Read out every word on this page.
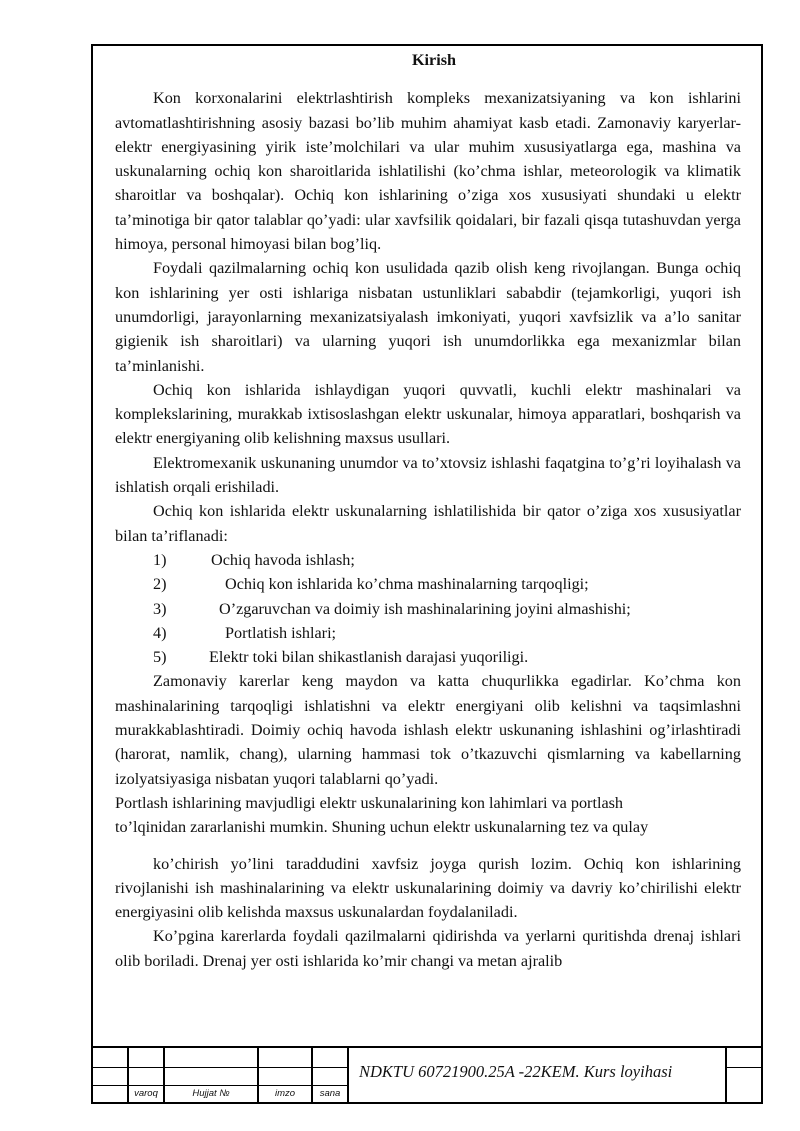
Kirish

Kon korxonalarini elektrlashtirish kompleks mexanizatsiyaning va kon ishlarini avtomatlashtirishning asosiy bazasi bo’lib muhim ahamiyat kasb etadi. Zamonaviy karyerlar-elektr energiyasining yirik iste’molchilari va ular muhim xususiyatlarga ega, mashina va uskunalarning ochiq kon sharoitlarida ishlatilishi (ko’chma ishlar, meteorologik va klimatik sharoitlar va boshqalar). Ochiq kon ishlarining o’ziga xos xususiyati shundaki u elektr ta’minotiga bir qator talablar qo’yadi: ular xavfsilik qoidalari, bir fazali qisqa tutashuvdan yerga himoya, personal himoyasi bilan bog’liq.

Foydali qazilmalarning ochiq kon usulidada qazib olish keng rivojlangan. Bunga ochiq kon ishlarining yer osti ishlariga nisbatan ustunliklari sababdir (tejamkorligi, yuqori ish unumdorligi, jarayonlarning mexanizatsiyalash imkoniyati, yuqori xavfsizlik va a’lo sanitar gigienik ish sharoitlari) va ularning yuqori ish unumdorlikka ega mexanizmlar bilan ta’minlanishi.

Ochiq kon ishlarida ishlaydigan yuqori quvvatli, kuchli elektr mashinalari va komplekslarining, murakkab ixtisoslashgan elektr uskunalar, himoya apparatlari, boshqarish va elektr energiyaning olib kelishning maxsus usullari.

Elektromexanik uskunaning unumdor va to’xtovsiz ishlashi faqatgina to’g’ri loyihalash va ishlatish orqali erishiladi.

Ochiq kon ishlarida elektr uskunalarning ishlatilishida bir qator o’ziga xos xususiyatlar bilan ta’riflanadi:

1)	Ochiq havoda ishlash;

2)	Ochiq kon ishlarida ko’chma mashinalarning tarqoqligi;

3)	O’zgaruvchan va doimiy ish mashinalarining joyini almashishi;

4)	Portlatish ishlari;

5)	Elektr toki bilan shikastlanish darajasi yuqoriligi.

Zamonaviy karerlar keng maydon va katta chuqurlikka egadirlar. Ko’chma kon mashinalarining tarqoqligi ishlatishni va elektr energiyani olib kelishni va taqsimlashni murakkablashtiradi. Doimiy ochiq havoda ishlash elektr uskunaning ishlashini og’irlashtiradi (harorat, namlik, chang), ularning hammasi tok o’tkazuvchi qismlarning va kabellarning izolyatsiyasiga nisbatan yuqori talablarni qo’yadi.

Portlash ishlarining mavjudligi elektr uskunalarining kon lahimlari va portlash

to’lqinidan zararlanishi mumkin. Shuning uchun elektr uskunalarning tez va qulay

ko’chirish yo’lini taraddudini xavfsiz joyga qurish lozim. Ochiq kon ishlarining rivojlanishi ish mashinalarining va elektr uskunalarining doimiy va davriy ko’chirilishi elektr energiyasini olib kelishda maxsus uskunalardan foydalaniladi.

Ko’pgina karerlarda foydali qazilmalarni qidirishda va yerlarni quritishda drenaj ishlari olib boriladi. Drenaj yer osti ishlarida ko’mir changi va metan ajralib

varoq	Hujjat №	imzo	sana
NDKTU 60721900.25A -22KEM. Kurs loyihasi
